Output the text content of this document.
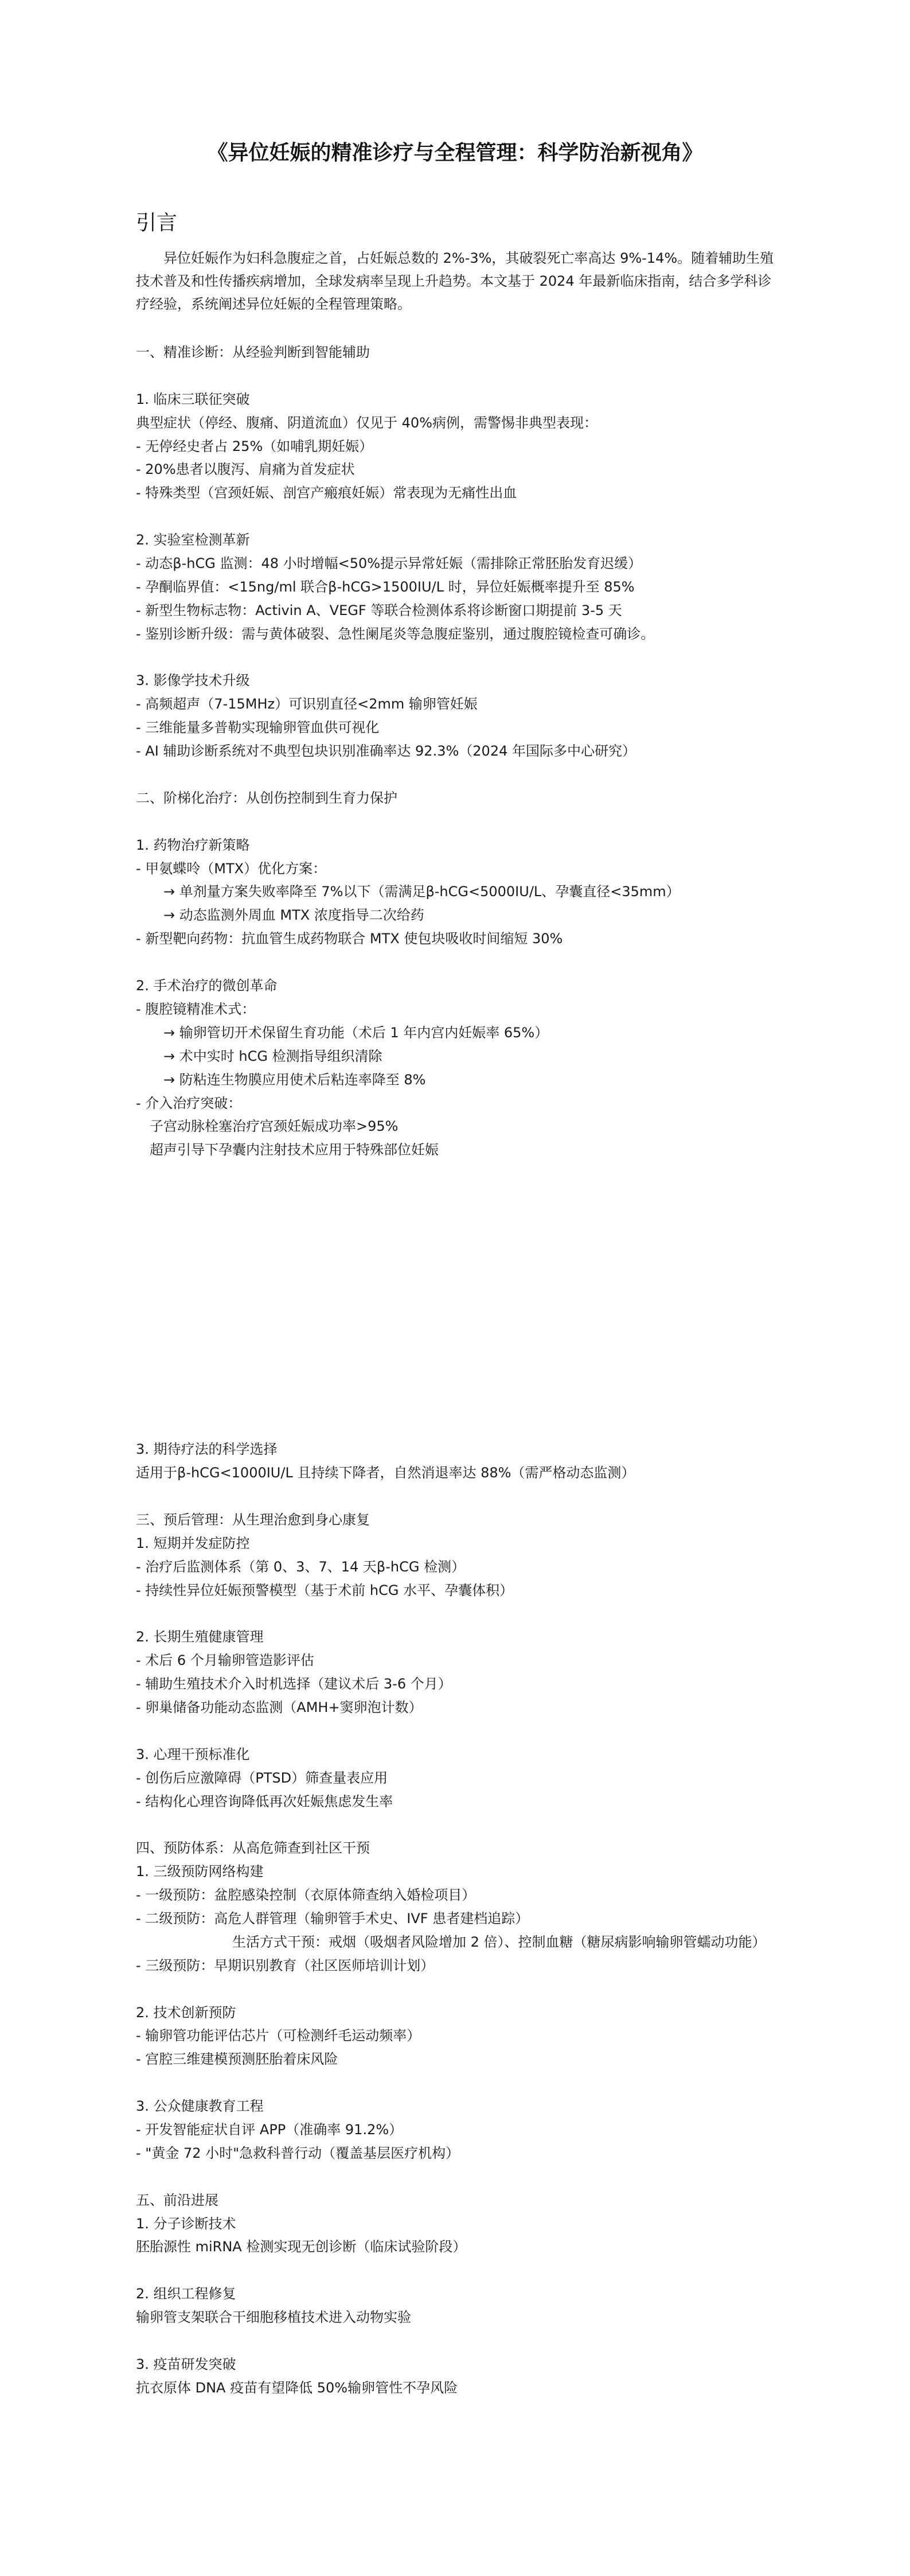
《异位妊娠的精准诊疗与全程管理：科学防治新视角》
引言

异位妊娠作为妇科急腹症之首，占妊娠总数的 2%-3%，其破裂死亡率高达 9%-14%。随着辅助生殖技术普及和性传播疾病增加，全球发病率呈现上升趋势。本文基于 2024 年最新临床指南，结合多学科诊疗经验，系统阐述异位妊娠的全程管理策略。

一、精准诊断：从经验判断到智能辅助
1. 临床三联征突破
典型症状（停经、腹痛、阴道流血）仅见于 40%病例，需警惕非典型表现：
- 无停经史者占 25%（如哺乳期妊娠）
- 20%患者以腹泻、肩痛为首发症状
- 特殊类型（宫颈妊娠、剖宫产瘢痕妊娠）常表现为无痛性出血
2. 实验室检测革新
- 动态β-hCG 监测：48 小时增幅<50%提示异常妊娠（需排除正常胚胎发育迟缓）
- 孕酮临界值：<15ng/ml 联合β-hCG>1500IU/L 时，异位妊娠概率提升至 85%
- 新型生物标志物：Activin A、VEGF 等联合检测体系将诊断窗口期提前 3-5 天
- 鉴别诊断升级：需与黄体破裂、急性阑尾炎等急腹症鉴别，通过腹腔镜检查可确诊。
3. 影像学技术升级
- 高频超声（7-15MHz）可识别直径<2mm 输卵管妊娠
- 三维能量多普勒实现输卵管血供可视化
- AI 辅助诊断系统对不典型包块识别准确率达 92.3%（2024 年国际多中心研究）
二、阶梯化治疗：从创伤控制到生育力保护
1. 药物治疗新策略
- 甲氨蝶呤（MTX）优化方案：
→ 单剂量方案失败率降至 7%以下（需满足β-hCG<5000IU/L、孕囊直径<35mm）
→ 动态监测外周血 MTX 浓度指导二次给药
- 新型靶向药物：抗血管生成药物联合 MTX 使包块吸收时间缩短 30%
2. 手术治疗的微创革命
- 腹腔镜精准术式：
→ 输卵管切开术保留生育功能（术后 1 年内宫内妊娠率 65%）
→ 术中实时 hCG 检测指导组织清除
→ 防粘连生物膜应用使术后粘连率降至 8%
- 介入治疗突破：
子宫动脉栓塞治疗宫颈妊娠成功率>95%
超声引导下孕囊内注射技术应用于特殊部位妊娠
3. 期待疗法的科学选择
适用于β-hCG<1000IU/L 且持续下降者，自然消退率达 88%（需严格动态监测）
三、预后管理：从生理治愈到身心康复
1. 短期并发症防控
- 治疗后监测体系（第 0、3、7、14 天β-hCG 检测）
- 持续性异位妊娠预警模型（基于术前 hCG 水平、孕囊体积）
2. 长期生殖健康管理
- 术后 6 个月输卵管造影评估
- 辅助生殖技术介入时机选择（建议术后 3-6 个月）
- 卵巢储备功能动态监测（AMH+窦卵泡计数）
3. 心理干预标准化
- 创伤后应激障碍（PTSD）筛查量表应用
- 结构化心理咨询降低再次妊娠焦虑发生率
四、预防体系：从高危筛查到社区干预
1. 三级预防网络构建
- 一级预防：盆腔感染控制（衣原体筛查纳入婚检项目）
- 二级预防：高危人群管理（输卵管手术史、IVF 患者建档追踪）
生活方式干预：戒烟（吸烟者风险增加 2 倍）、控制血糖（糖尿病影响输卵管蠕动功能）
- 三级预防：早期识别教育（社区医师培训计划）
2. 技术创新预防
- 输卵管功能评估芯片（可检测纤毛运动频率）
- 宫腔三维建模预测胚胎着床风险
3. 公众健康教育工程
- 开发智能症状自评 APP（准确率 91.2%）
- "黄金 72 小时"急救科普行动（覆盖基层医疗机构）
五、前沿进展
1. 分子诊断技术
胚胎源性 miRNA 检测实现无创诊断（临床试验阶段）
2. 组织工程修复
输卵管支架联合干细胞移植技术进入动物实验
3. 疫苗研发突破
抗衣原体 DNA 疫苗有望降低 50%输卵管性不孕风险
